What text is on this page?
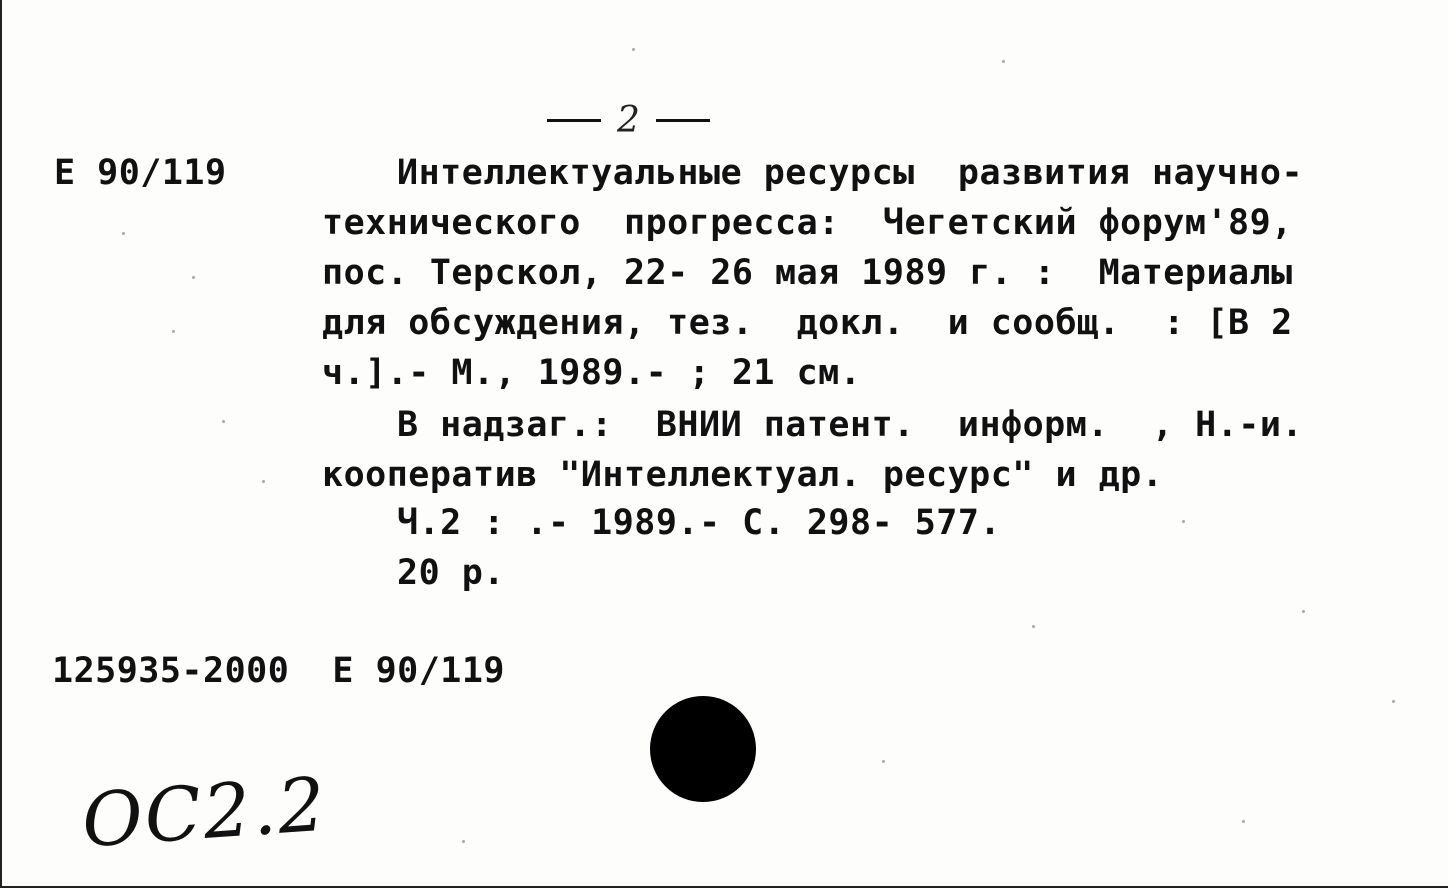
2
Е 90/119	Интеллектуальные ресурсы  развития научно-
технического  прогресса:  Чегетский форум'89,
пос. Терскол, 22- 26 мая 1989 г. :  Материалы
для обсуждения, тез.  докл.  и сообщ.  : [В 2
ч.].- М., 1989.- ; 21 см.
В надзаг.:  ВНИИ патент.  информ.  , Н.-и.
кооператив "Интеллектуал. ресурс" и др.
Ч.2 : .- 1989.- С. 298- 577.
20 р.
125935-2000  Е 90/119
ОС2.2
